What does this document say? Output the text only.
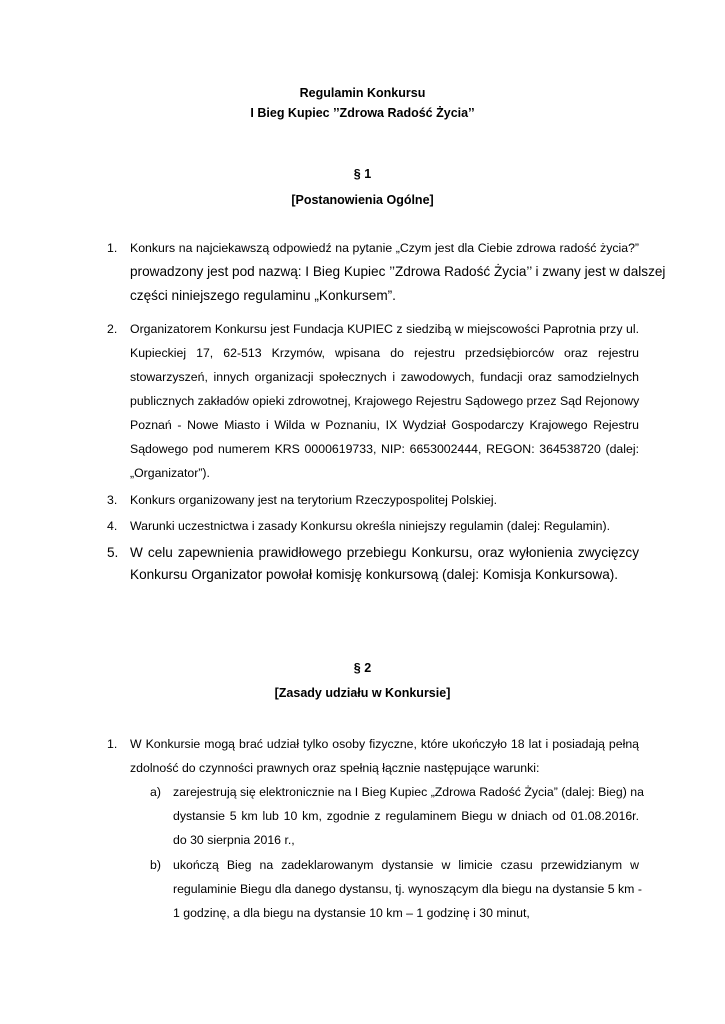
Regulamin Konkursu
I Bieg Kupiec ’’Zdrowa Radość Życia’’
§ 1
[Postanowienia Ogólne]
1.	Konkurs na najciekawszą odpowiedź na pytanie „Czym jest dla Ciebie zdrowa radość życia?”
prowadzony jest pod nazwą: I Bieg Kupiec ’’Zdrowa Radość Życia’’ i zwany jest w dalszej
części niniejszego regulaminu „Konkursem”.
2.	Organizatorem Konkursu jest Fundacja KUPIEC z siedzibą w miejscowości Paprotnia przy ul.
Kupieckiej 17, 62-513 Krzymów, wpisana do rejestru przedsiębiorców oraz rejestru
stowarzyszeń, innych organizacji społecznych i zawodowych, fundacji oraz samodzielnych
publicznych zakładów opieki zdrowotnej, Krajowego Rejestru Sądowego przez Sąd Rejonowy
Poznań - Nowe Miasto i Wilda w Poznaniu, IX Wydział Gospodarczy Krajowego Rejestru
Sądowego pod numerem KRS 0000619733, NIP: 6653002444, REGON: 364538720 (dalej:
„Organizator”).
3.	Konkurs organizowany jest na terytorium Rzeczypospolitej Polskiej.
4.	Warunki uczestnictwa i zasady Konkursu określa niniejszy regulamin (dalej: Regulamin).
5. W celu zapewnienia prawidłowego przebiegu Konkursu, oraz wyłonienia zwycięzcy
Konkursu Organizator powołał komisję konkursową (dalej: Komisja Konkursowa).
§ 2
[Zasady udziału w Konkursie]
1.	W Konkursie mogą brać udział tylko osoby fizyczne, które ukończyło 18 lat i posiadają pełną
zdolność do czynności prawnych oraz spełnią łącznie następujące warunki:
a) zarejestrują się elektronicznie na I Bieg Kupiec „Zdrowa Radość Życia” (dalej: Bieg) na
dystansie 5 km lub 10 km, zgodnie z regulaminem Biegu w dniach od 01.08.2016r.
do 30 sierpnia 2016 r.,
b) ukończą Bieg na zadeklarowanym dystansie w limicie czasu przewidzianym w
regulaminie Biegu dla danego dystansu, tj. wynoszącym dla biegu na dystansie 5 km -
1 godzinę, a dla biegu na dystansie 10 km – 1 godzinę i 30 minut,
